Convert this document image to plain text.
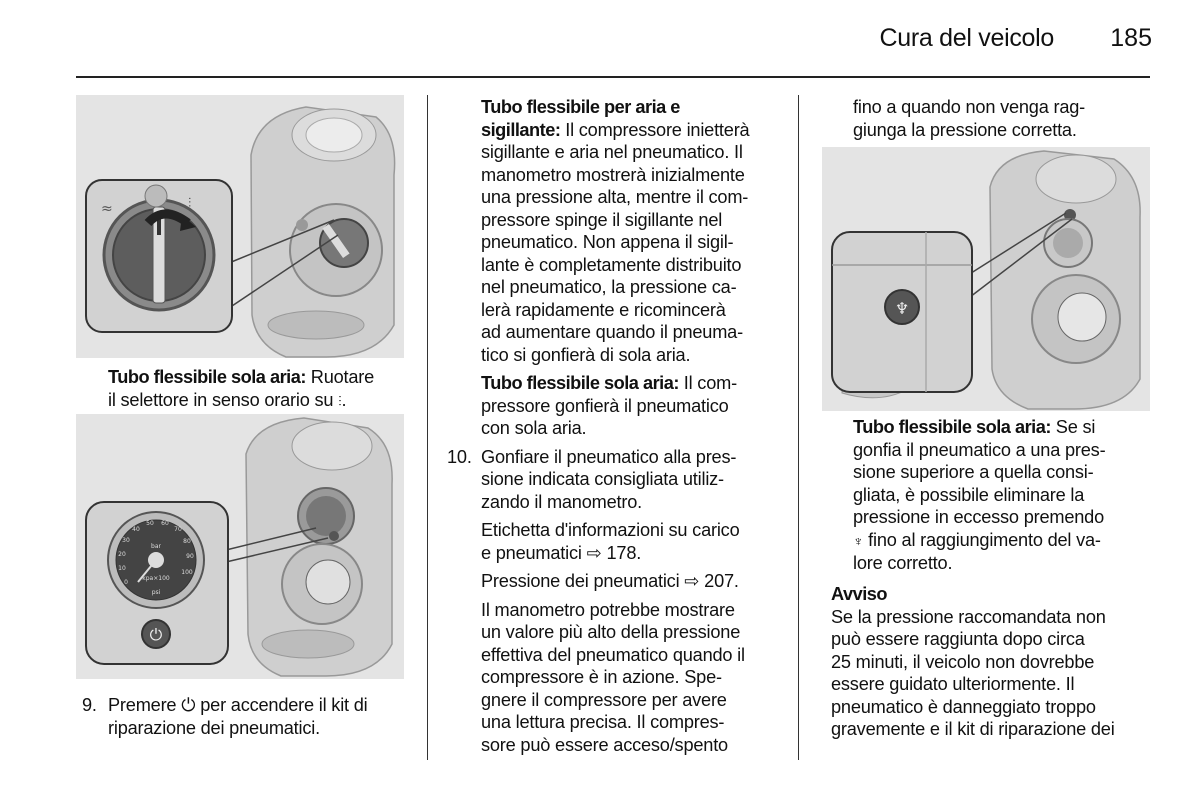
Cura del veicolo 185
≈	⫶
Tubo flessibile sola aria: Ruotare
il selettore in senso orario su ⫶.
0
10
20
30
40
50 60
70
80
90
100
bar
kpa×100
psi
⏻
9. Premere ⏻ per accendere il kit di
riparazione dei pneumatici.

Tubo flessibile per aria e
sigillante: Il compressore inietterà
sigillante e aria nel pneumatico. Il
manometro mostrerà inizialmente
una pressione alta, mentre il com-
pressore spinge il sigillante nel
pneumatico. Non appena il sigil-
lante è completamente distribuito
nel pneumatico, la pressione ca-
lerà rapidamente e ricomincerà
ad aumentare quando il pneuma-
tico si gonfierà di sola aria.

Tubo flessibile sola aria: Il com-
pressore gonfierà il pneumatico
con sola aria.

10. Gonfiare il pneumatico alla pres-
sione indicata consigliata utiliz-
zando il manometro.

Etichetta d'informazioni su carico
e pneumatici ⇨ 178.

Pressione dei pneumatici ⇨ 207.

Il manometro potrebbe mostrare
un valore più alto della pressione
effettiva del pneumatico quando il
compressore è in azione. Spe-
gnere il compressore per avere
una lettura precisa. Il compres-
sore può essere acceso/spento

fino a quando non venga rag-
giunga la pressione corretta.
♆
Tubo flessibile sola aria: Se si
gonfia il pneumatico a una pres-
sione superiore a quella consi-
gliata, è possibile eliminare la
pressione in eccesso premendo
♆ fino al raggiungimento del va-
lore corretto.
Avviso
Se la pressione raccomandata non
può essere raggiunta dopo circa
25 minuti, il veicolo non dovrebbe
essere guidato ulteriormente. Il
pneumatico è danneggiato troppo
gravemente e il kit di riparazione dei
